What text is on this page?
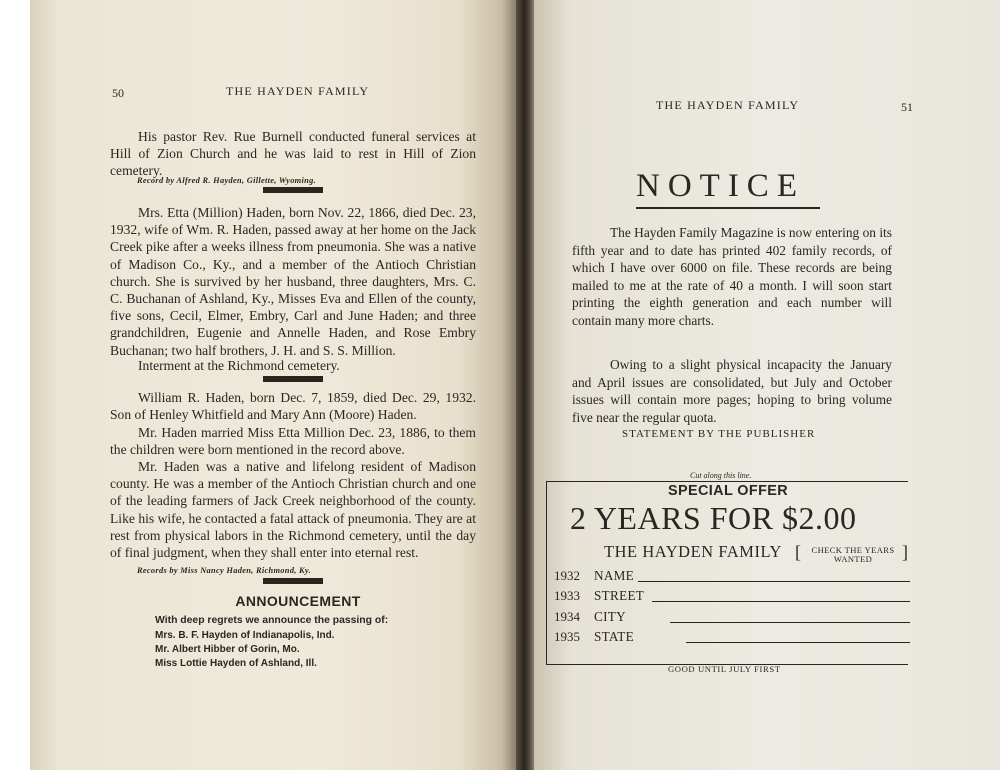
50	THE HAYDEN FAMILY

His pastor Rev. Rue Burnell conducted funeral services at Hill of Zion Church and he was laid to rest in Hill of Zion cemetery.

Record by Alfred R. Hayden, Gillette, Wyoming.

Mrs. Etta (Million) Haden, born Nov. 22, 1866, died Dec. 23, 1932, wife of Wm. R. Haden, passed away at her home on the Jack Creek pike after a weeks illness from pneumonia. She was a native of Madison Co., Ky., and a member of the Antioch Christian church. She is survived by her husband, three daughters, Mrs. C. C. Buchanan of Ashland, Ky., Misses Eva and Ellen of the county, five sons, Cecil, Elmer, Embry, Carl and June Haden; and three grandchildren, Eugenie and Annelle Haden, and Rose Embry Buchanan; two half brothers, J. H. and S. S. Million.

Interment at the Richmond cemetery.

William R. Haden, born Dec. 7, 1859, died Dec. 29, 1932. Son of Henley Whitfield and Mary Ann (Moore) Haden.

Mr. Haden married Miss Etta Million Dec. 23, 1886, to them the children were born mentioned in the record above.

Mr. Haden was a native and lifelong resident of Madison county. He was a member of the Antioch Christian church and one of the leading farmers of Jack Creek neighborhood of the county. Like his wife, he contacted a fatal attack of pneumonia. They are at rest from physical labors in the Richmond cemetery, until the day of final judgment, when they shall enter into eternal rest.

Records by Miss Nancy Haden, Richmond, Ky.
ANNOUNCEMENT
With deep regrets we announce the passing of:
Mrs. B. F. Hayden of Indianapolis, Ind.
Mr. Albert Hibber of Gorin, Mo.
Miss Lottie Hayden of Ashland, Ill.
THE HAYDEN FAMILY	51
NOTICE

The Hayden Family Magazine is now entering on its fifth year and to date has printed 402 family records, of which I have over 6000 on file. These records are being mailed to me at the rate of 40 a month. I will soon start printing the eighth generation and each number will contain many more charts.

Owing to a slight physical incapacity the January and April issues are consolidated, but July and October issues will contain more pages; hoping to bring volume five near the regular quota.

STATEMENT BY THE PUBLISHER
Cut along this line.
SPECIAL OFFER
2 YEARS FOR $2.00
THE HAYDEN FAMILY [	CHECK THE YEARS
WANTED	]
1932 NAME
1933 STREET
1934 CITY
1935 STATE
GOOD UNTIL JULY FIRST
